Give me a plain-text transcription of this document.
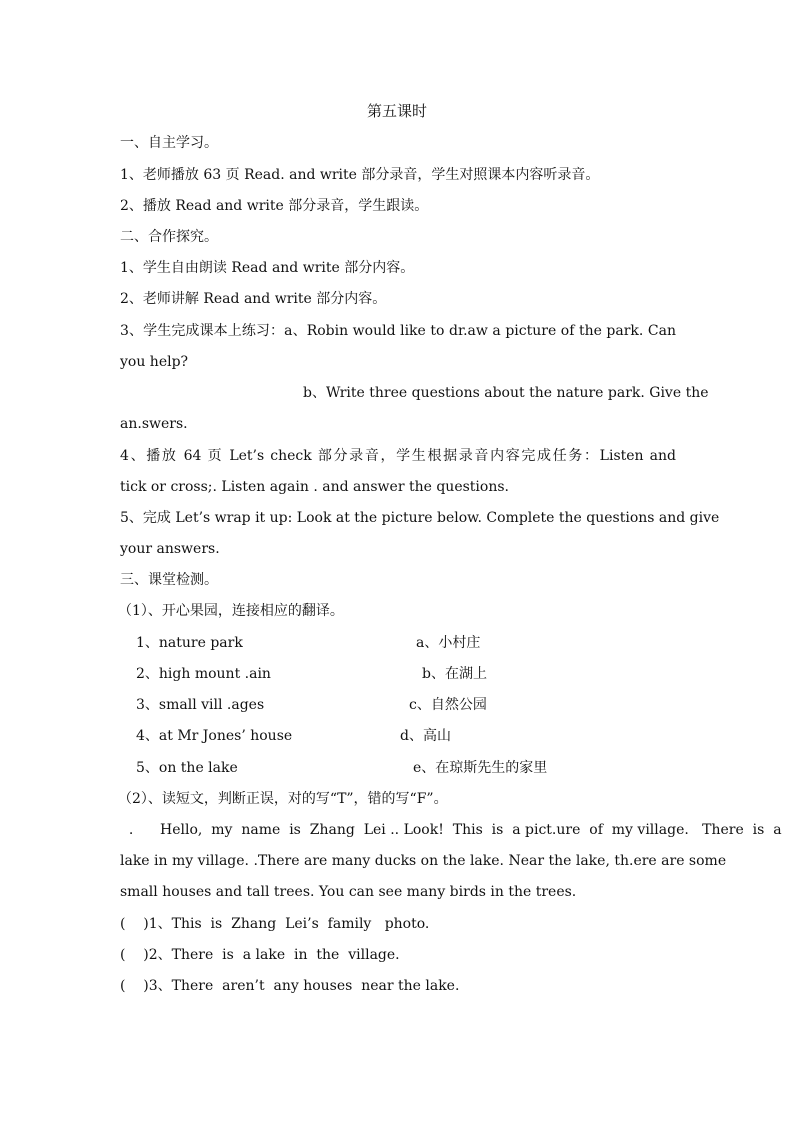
第五课时
一、自主学习。
1、老师播放 63 页 Read. and write 部分录音，学生对照课本内容听录音。
2、播放 Read and write 部分录音，学生跟读。
二、合作探究。
1、学生自由朗读 Read and write 部分内容。
2、老师讲解 Read and write 部分内容。
3、学生完成课本上练习：a、Robin would like to dr.aw a picture of the park. Can
you help?
b、Write three questions about the nature park. Give the
an.swers.
4、播放 64 页 Let’s check 部分录音，学生根据录音内容完成任务：Listen and
tick or cross;. Listen again . and answer the questions.
5、完成 Let’s wrap it up: Look at the picture below. Complete the questions and give
your answers.
三、课堂检测。
（1）、开心果园，连接相应的翻译。
1、nature park	a、小村庄
2、high mount .ain	b、在湖上
3、small vill .ages	c、自然公园
4、at Mr Jones’ house	d、高山
5、on the lake	e、在琼斯先生的家里
（2）、读短文，判断正误，对的写“T”，错的写“F”。
.      Hello,  my  name  is  Zhang  Lei .. Look!  This  is  a pict.ure  of  my village.   There  is  a
lake in my village. .There are many ducks on the lake. Near the lake, th.ere are some
small houses and tall trees. You can see many birds in the trees.
(    )1、This  is  Zhang  Lei’s  family   photo.
(    )2、There  is  a lake  in  the  village.
(    )3、There  aren’t  any houses  near the lake.
